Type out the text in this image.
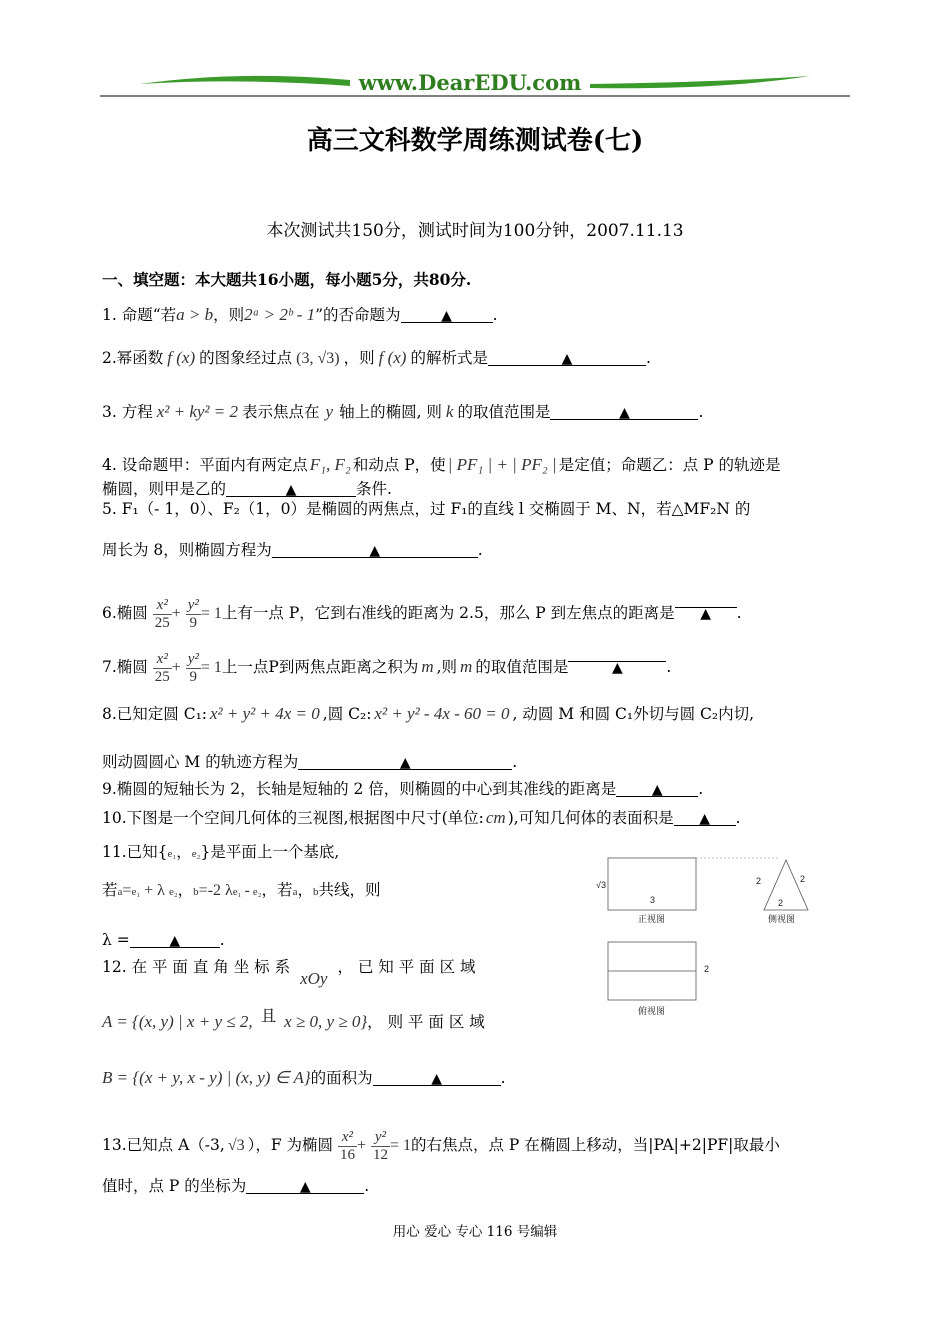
www.DearEDU.com
高三文科数学周练测试卷(七)
本次测试共150分，测试时间为100分钟，2007.11.13
一、填空题：本大题共16小题，每小题5分，共80分.
1. 命题“若a > b，则2ᵃ > 2ᵇ - 1”的否命题为	▲	.
2.幂函数 f (x) 的图象经过点 (3, √3) ，则 f (x) 的解析式是	▲	.
3. 方程 x² + ky² = 2 表示焦点在 y 轴上的椭圆, 则 k 的取值范围是	▲	.
4. 设命题甲：平面内有两定点 F₁, F₂ 和动点 P，使 | PF₁ | + | PF₂ | 是定值；命题乙：点 P 的轨迹是
椭圆，则甲是乙的	▲	条件.
5. F₁（- 1，0）、F₂（1，0）是椭圆的两焦点，过 F₁的直线 l 交椭圆于 M、N，若△MF₂N 的
周长为 8，则椭圆方程为	▲	.
6.椭圆 $\frac{\text{x²}}{25} + \frac{\text{y²}}{9} = 1$上有一点 P，它到右准线的距离为 2.5，那么 P 到左焦点的距离是 ▲ .
7.椭圆 $\frac{\text{x²}}{25} + \frac{\text{y²}}{9} = 1$上一点P到两焦点距离之积为 m ,则 m 的取值范围是	▲	.
8.已知定圆 C₁: x² + y² + 4x = 0 ,圆 C₂: x² + y² - 4x - 60 = 0 , 动圆 M 和圆 C₁外切与圆 C₂内切,
则动圆圆心 M 的轨迹方程为	▲	.
9.椭圆的短轴长为 2，长轴是短轴的 2 倍，则椭圆的中心到其准线的距离是	▲ .
10.下图是一个空间几何体的三视图,根据图中尺寸(单位: cm ),可知几何体的表面积是 ▲ .
11.已知{e₁，e₂}是平面上一个基底,
若a=e₁ + λ e₂，b=-2 λe₁ - e₂，若a，b共线，则
λ =	▲	.
12. 在 平 面 直 角 坐 标 系xOy， 已 知 平 面 区 域
A = {(x, y) | x + y ≤ 2, 且 x ≥ 0, y ≥ 0}， 则 平 面 区 域
B = {(x + y, x - y) | (x, y) ∈ A}的面积为	▲	.
13.已知点 A（-3, √3 ），F 为椭圆 $\frac{\text{x²}}{16} + \frac{\text{y²}}{12} = 1$的右焦点，点 P 在椭圆上移动，当|PA|+2|PF|取最小
值时，点 P 的坐标为	▲	.
√3
3
正视图
2	2
2
侧视图
2
俯视图
用心 爱心 专心 116 号编辑
